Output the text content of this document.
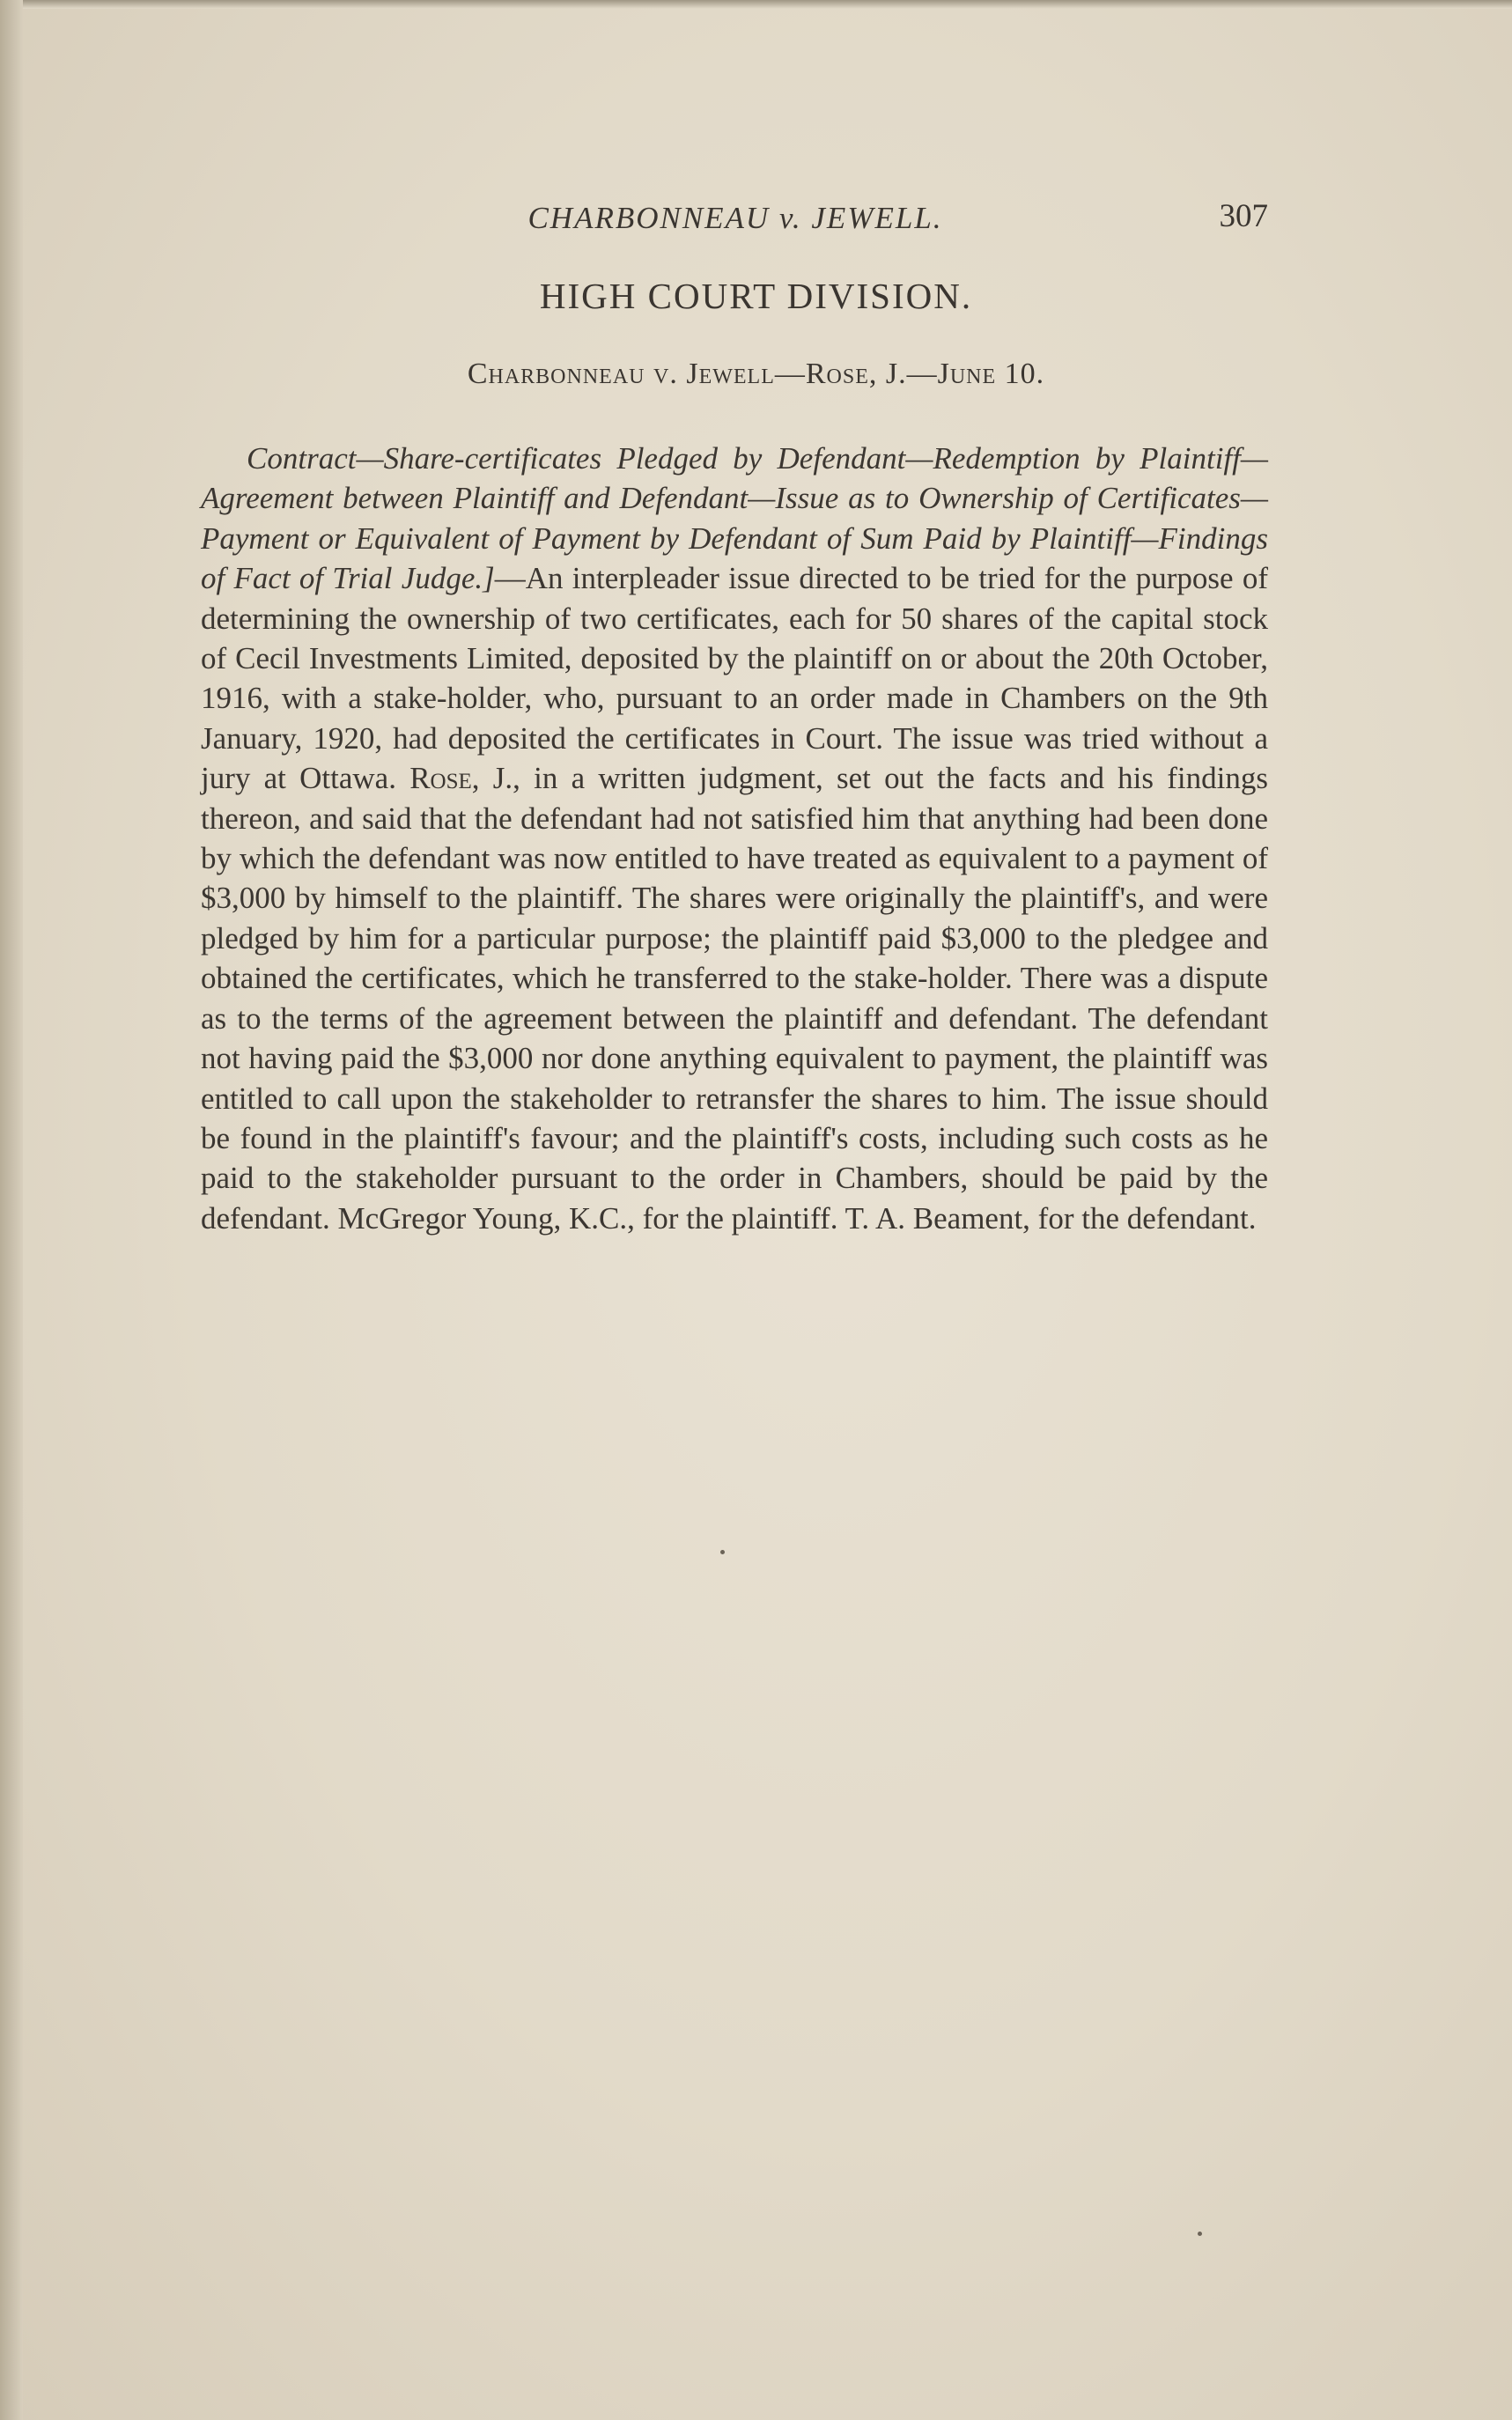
CHARBONNEAU v. JEWELL.	307
HIGH COURT DIVISION.
Charbonneau v. Jewell—Rose, J.—June 10.

Contract—Share-certificates Pledged by Defendant—Redemption by Plaintiff—Agreement between Plaintiff and Defendant—Issue as to Ownership of Certificates—Payment or Equivalent of Payment by Defendant of Sum Paid by Plaintiff—Findings of Fact of Trial Judge.]—An interpleader issue directed to be tried for the purpose of determining the ownership of two certificates, each for 50 shares of the capital stock of Cecil Investments Limited, deposited by the plaintiff on or about the 20th October, 1916, with a stake-holder, who, pursuant to an order made in Chambers on the 9th January, 1920, had deposited the certificates in Court. The issue was tried without a jury at Ottawa. Rose, J., in a written judgment, set out the facts and his findings thereon, and said that the defendant had not satisfied him that anything had been done by which the defendant was now entitled to have treated as equivalent to a payment of $3,000 by himself to the plaintiff. The shares were originally the plaintiff's, and were pledged by him for a particular purpose; the plaintiff paid $3,000 to the pledgee and obtained the certificates, which he transferred to the stake-holder. There was a dispute as to the terms of the agreement between the plaintiff and defendant. The defendant not having paid the $3,000 nor done anything equivalent to payment, the plaintiff was entitled to call upon the stakeholder to retransfer the shares to him. The issue should be found in the plaintiff's favour; and the plaintiff's costs, including such costs as he paid to the stakeholder pursuant to the order in Chambers, should be paid by the defendant. McGregor Young, K.C., for the plaintiff. T. A. Beament, for the defendant.
